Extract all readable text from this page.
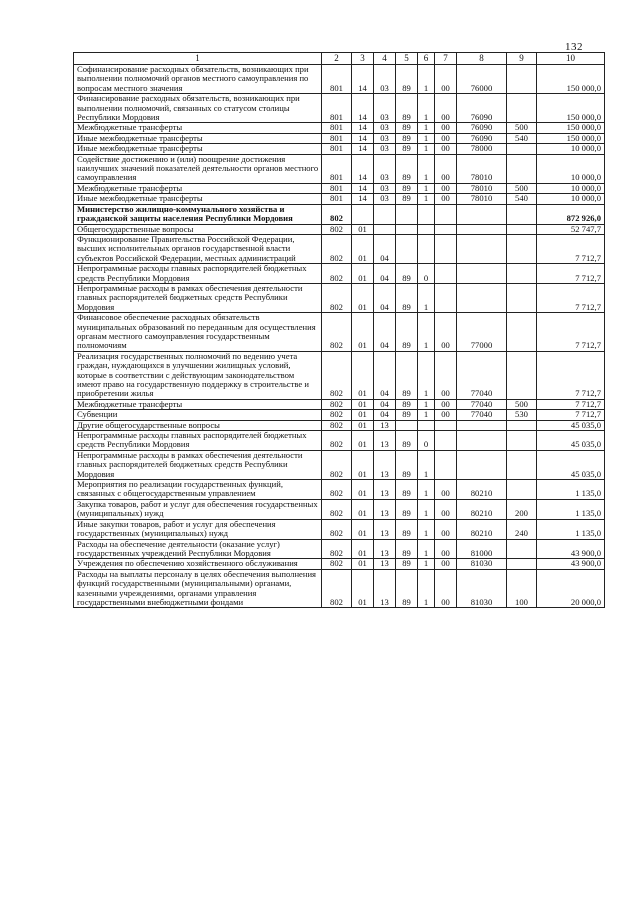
132
1	2	3	4	5	6	7	8	9	10
Софинансирование расходных обязательств, возникающих при выполнении полномочий органов местного самоуправления по вопросам местного значения	801	14	03	89	1	00	76000		150 000,0
Финансирование расходных обязательств, возникающих при выполнении полномочий, связанных со статусом столицы Республики Мордовия	801	14	03	89	1	00	76090		150 000,0
Межбюджетные трансферты	801	14	03	89	1	00	76090	500	150 000,0
Иные межбюджетные трансферты	801	14	03	89	1	00	76090	540	150 000,0
Иные межбюджетные трансферты	801	14	03	89	1	00	78000		10 000,0
Содействие достижению и (или) поощрение достижения наилучших значений показателей деятельности органов местного самоуправления	801	14	03	89	1	00	78010		10 000,0
Межбюджетные трансферты	801	14	03	89	1	00	78010	500	10 000,0
Иные межбюджетные трансферты	801	14	03	89	1	00	78010	540	10 000,0
Министерство жилищно-коммунального хозяйства и гражданской защиты населения Республики Мордовия	802								872 926,0
Общегосударственные вопросы	802	01							52 747,7
Функционирование Правительства Российской Федерации, высших исполнительных органов государственной власти субъектов Российской Федерации, местных администраций	802	01	04						7 712,7
Непрограммные расходы главных распорядителей бюджетных средств Республики Мордовия	802	01	04	89	0				7 712,7
Непрограммные расходы в рамках обеспечения деятельности главных распорядителей бюджетных средств Республики Мордовия	802	01	04	89	1				7 712,7
Финансовое обеспечение расходных обязательств муниципальных образований по переданным для осуществления органам местного самоуправления государственным полномочиям	802	01	04	89	1	00	77000		7 712,7
Реализация государственных полномочий по ведению учета граждан, нуждающихся в улучшении жилищных условий, которые в соответствии с действующим законодательством имеют право на государственную поддержку в строительстве и приобретении жилья	802	01	04	89	1	00	77040		7 712,7
Межбюджетные трансферты	802	01	04	89	1	00	77040	500	7 712,7
Субвенции	802	01	04	89	1	00	77040	530	7 712,7
Другие общегосударственные вопросы	802	01	13						45 035,0
Непрограммные расходы главных распорядителей бюджетных средств Республики Мордовия	802	01	13	89	0				45 035,0
Непрограммные расходы в рамках обеспечения деятельности главных распорядителей бюджетных средств Республики Мордовия	802	01	13	89	1				45 035,0
Мероприятия по реализации государственных функций, связанных с общегосударственным управлением	802	01	13	89	1	00	80210		1 135,0
Закупка товаров, работ и услуг для обеспечения государственных (муниципальных) нужд	802	01	13	89	1	00	80210	200	1 135,0
Иные закупки товаров, работ и услуг для обеспечения государственных (муниципальных) нужд	802	01	13	89	1	00	80210	240	1 135,0
Расходы на обеспечение деятельности (оказание услуг) государственных учреждений Республики Мордовия	802	01	13	89	1	00	81000		43 900,0
Учреждения по обеспечению хозяйственного обслуживания	802	01	13	89	1	00	81030		43 900,0
Расходы на выплаты персоналу в целях обеспечения выполнения функций государственными (муниципальными) органами, казенными учреждениями, органами управления государственными внебюджетными фондами	802	01	13	89	1	00	81030	100	20 000,0
